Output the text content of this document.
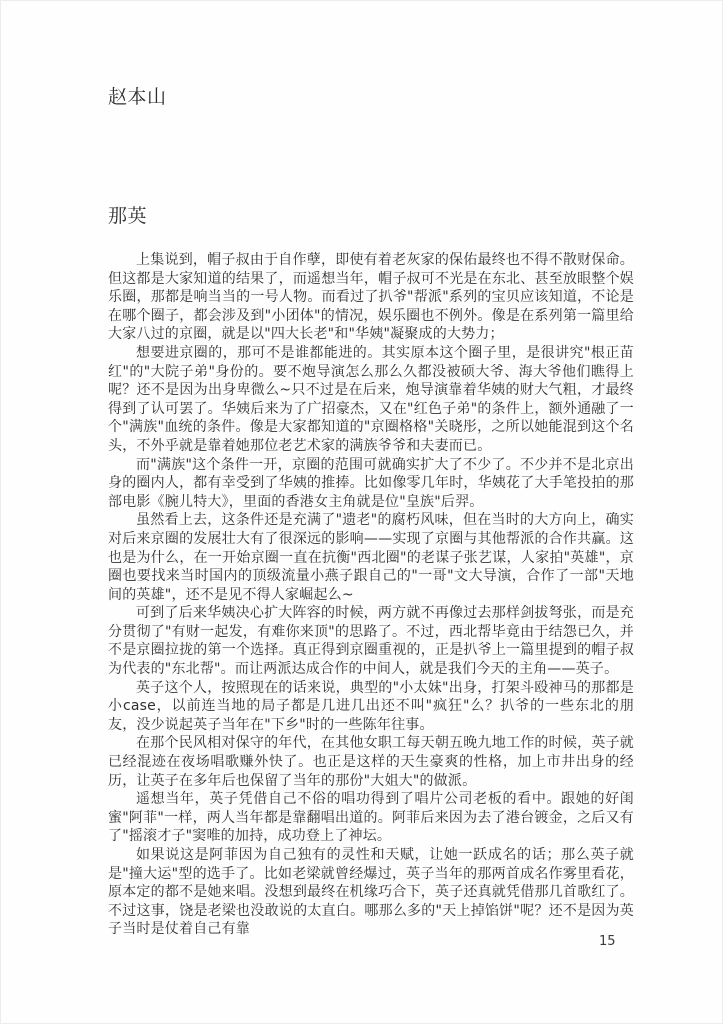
赵本山
那英

上集说到，帽子叔由于自作孽，即使有着老灰家的保佑最终也不得不散财保命。但这都是大家知道的结果了，而遥想当年，帽子叔可不光是在东北、甚至放眼整个娱乐圈，那都是响当当的一号人物。而看过了扒爷"帮派"系列的宝贝应该知道，不论是在哪个圈子，都会涉及到"小团体"的情况，娱乐圈也不例外。像是在系列第一篇里给大家八过的京圈，就是以"四大长老"和"华姨"凝聚成的大势力；

想要进京圈的，那可不是谁都能进的。其实原本这个圈子里，是很讲究"根正苗红"的"大院子弟"身份的。要不炮导演怎么那么久都没被硕大爷、海大爷他们瞧得上呢？还不是因为出身卑微么~只不过是在后来，炮导演靠着华姨的财大气粗，才最终得到了认可罢了。华姨后来为了广招豪杰，又在"红色子弟"的条件上，额外通融了一个"满族"血统的条件。像是大家都知道的"京圈格格"关晓彤，之所以她能混到这个名头，不外乎就是靠着她那位老艺术家的满族爷爷和夫妻而已。

而"满族"这个条件一开，京圈的范围可就确实扩大了不少了。不少并不是北京出身的圈内人，都有幸受到了华姨的推捧。比如像零几年时，华姨花了大手笔投拍的那部电影《腕儿特大》，里面的香港女主角就是位"皇族"后羿。

虽然看上去，这条件还是充满了"遗老"的腐朽风味，但在当时的大方向上，确实对后来京圈的发展壮大有了很深远的影响——实现了京圈与其他帮派的合作共赢。这也是为什么，在一开始京圈一直在抗衡"西北圈"的老谋子张艺谋，人家拍"英雄"，京圈也要找来当时国内的顶级流量小燕子跟自己的"一哥"文大导演，合作了一部"天地间的英雄"，还不是见不得人家崛起么~

可到了后来华姨决心扩大阵容的时候，两方就不再像过去那样剑拔弩张，而是充分贯彻了"有财一起发，有难你来顶"的思路了。不过，西北帮毕竟由于结怨已久，并不是京圈拉拢的第一个选择。真正得到京圈重视的，正是扒爷上一篇里提到的帽子叔为代表的"东北帮"。而让两派达成合作的中间人，就是我们今天的主角——英子。

英子这个人，按照现在的话来说，典型的"小太妹"出身，打架斗殴神马的那都是小case，以前连当地的局子都是几进几出还不叫"疯狂"么？扒爷的一些东北的朋友，没少说起英子当年在"下乡"时的一些陈年往事。

在那个民风相对保守的年代，在其他女职工每天朝五晚九地工作的时候，英子就已经混迹在夜场唱歌赚外快了。也正是这样的天生豪爽的性格，加上市井出身的经历，让英子在多年后也保留了当年的那份"大姐大"的做派。

遥想当年，英子凭借自己不俗的唱功得到了唱片公司老板的看中。跟她的好闺蜜"阿菲"一样，两人当年都是靠翻唱出道的。阿菲后来因为去了港台镀金，之后又有了"摇滚才子"窦唯的加持，成功登上了神坛。

如果说这是阿菲因为自己独有的灵性和天赋，让她一跃成名的话；那么英子就是"撞大运"型的选手了。比如老梁就曾经爆过，英子当年的那两首成名作雾里看花，原本定的都不是她来唱。没想到最终在机缘巧合下，英子还真就凭借那几首歌红了。不过这事，饶是老梁也没敢说的太直白。哪那么多的"天上掉馅饼"呢？还不是因为英子当时是仗着自己有靠

15
